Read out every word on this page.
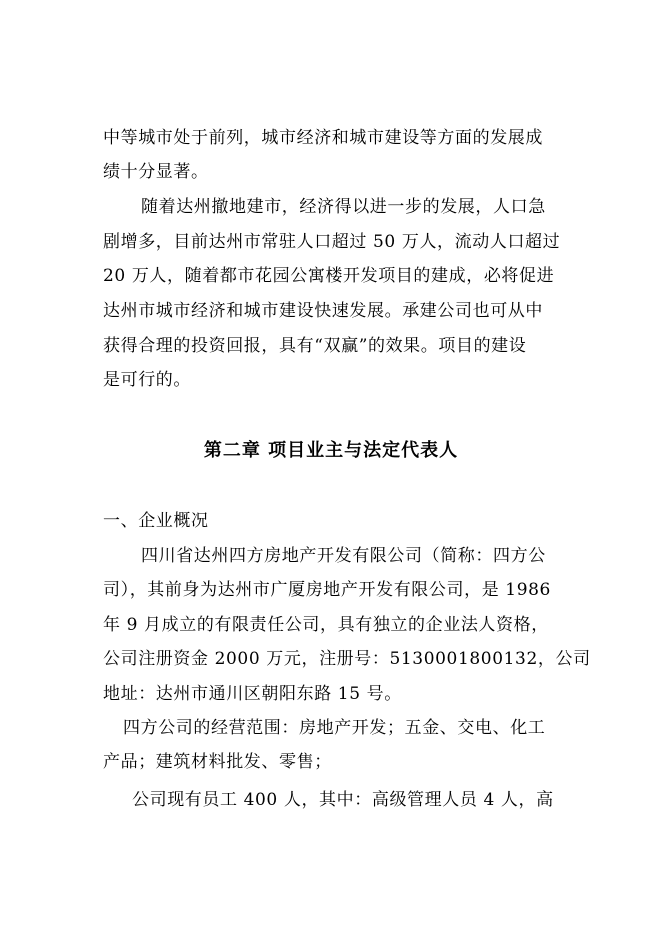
中等城市处于前列，城市经济和城市建设等方面的发展成
绩十分显著。
随着达州撤地建市，经济得以进一步的发展，人口急
剧增多，目前达州市常驻人口超过 50 万人，流动人口超过
20 万人，随着都市花园公寓楼开发项目的建成，必将促进
达州市城市经济和城市建设快速发展。承建公司也可从中
获得合理的投资回报，具有“双赢”的效果。项目的建设
是可行的。
第二章 项目业主与法定代表人
一、企业概况
四川省达州四方房地产开发有限公司（简称：四方公
司），其前身为达州市广厦房地产开发有限公司，是 1986
年 9 月成立的有限责任公司，具有独立的企业法人资格，
公司注册资金 2000 万元，注册号：5130001800132，公司
地址：达州市通川区朝阳东路 15 号。
四方公司的经营范围：房地产开发；五金、交电、化工
产品；建筑材料批发、零售；
公司现有员工 400 人，其中：高级管理人员 4 人，高
